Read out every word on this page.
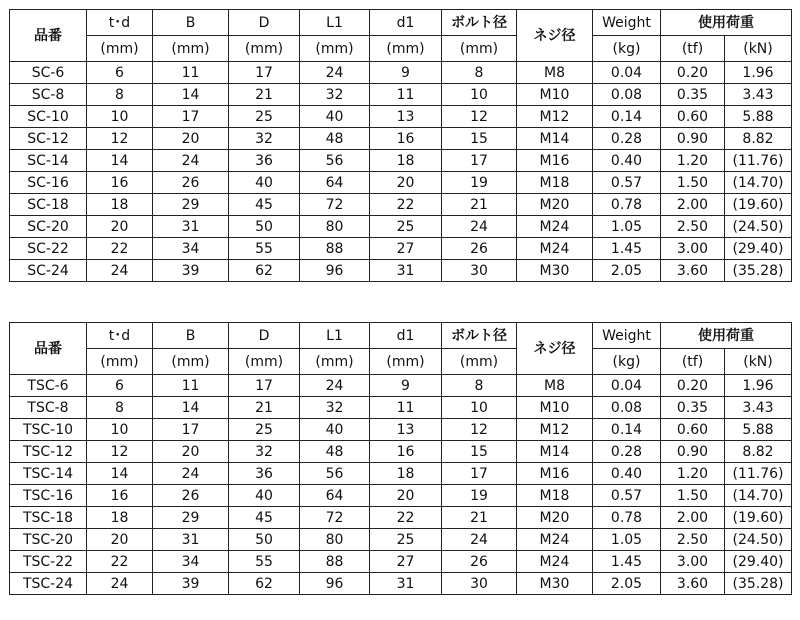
品番	t･d	B	D	L1	d1	ボルト径	ネジ径	Weight	使用荷重	
	(mm)	(mm)	(mm)	(mm)	(mm)	(mm)		(kg)	(tf)	(kN)
SC-6	6	11	17	24	9	8	M8	0.04	0.20	1.96
SC-8	8	14	21	32	11	10	M10	0.08	0.35	3.43
SC-10	10	17	25	40	13	12	M12	0.14	0.60	5.88
SC-12	12	20	32	48	16	15	M14	0.28	0.90	8.82
SC-14	14	24	36	56	18	17	M16	0.40	1.20	(11.76)
SC-16	16	26	40	64	20	19	M18	0.57	1.50	(14.70)
SC-18	18	29	45	72	22	21	M20	0.78	2.00	(19.60)
SC-20	20	31	50	80	25	24	M24	1.05	2.50	(24.50)
SC-22	22	34	55	88	27	26	M24	1.45	3.00	(29.40)
SC-24	24	39	62	96	31	30	M30	2.05	3.60	(35.28)
品番	t･d	B	D	L1	d1	ボルト径	ネジ径	Weight	使用荷重	
	(mm)	(mm)	(mm)	(mm)	(mm)	(mm)		(kg)	(tf)	(kN)
TSC-6	6	11	17	24	9	8	M8	0.04	0.20	1.96
TSC-8	8	14	21	32	11	10	M10	0.08	0.35	3.43
TSC-10	10	17	25	40	13	12	M12	0.14	0.60	5.88
TSC-12	12	20	32	48	16	15	M14	0.28	0.90	8.82
TSC-14	14	24	36	56	18	17	M16	0.40	1.20	(11.76)
TSC-16	16	26	40	64	20	19	M18	0.57	1.50	(14.70)
TSC-18	18	29	45	72	22	21	M20	0.78	2.00	(19.60)
TSC-20	20	31	50	80	25	24	M24	1.05	2.50	(24.50)
TSC-22	22	34	55	88	27	26	M24	1.45	3.00	(29.40)
TSC-24	24	39	62	96	31	30	M30	2.05	3.60	(35.28)
